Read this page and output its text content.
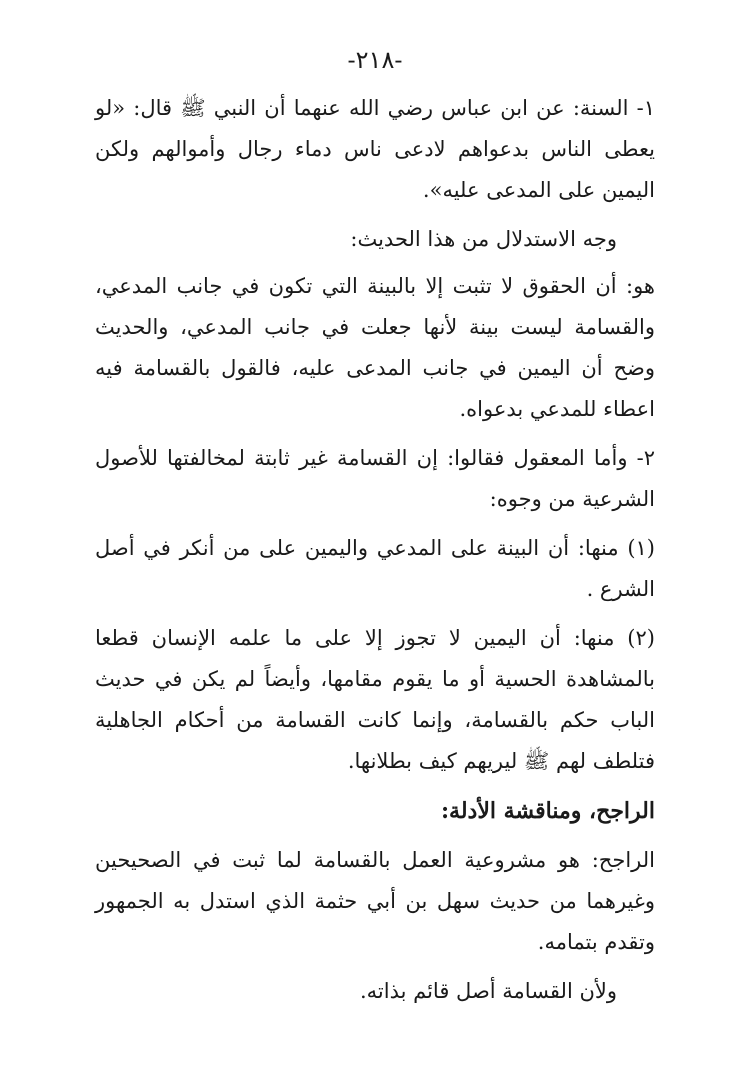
-٢١٨-

١- السنة: عن ابن عباس رضي الله عنهما أن النبي ﷺ قال: «لو يعطى الناس بدعواهم لادعى ناس دماء رجال وأموالهم ولكن اليمين على المدعى عليه».

وجه الاستدلال من هذا الحديث:

هو: أن الحقوق لا تثبت إلا بالبينة التي تكون في جانب المدعي، والقسامة ليست بينة لأنها جعلت في جانب المدعي، والحديث وضح أن اليمين في جانب المدعى عليه، فالقول بالقسامة فيه اعطاء للمدعي بدعواه.

٢- وأما المعقول فقالوا: إن القسامة غير ثابتة لمخالفتها للأصول الشرعية من وجوه:

(١) منها: أن البينة على المدعي واليمين على من أنكر في أصل الشرع .

(٢) منها: أن اليمين لا تجوز إلا على ما علمه الإنسان قطعا بالمشاهدة الحسية أو ما يقوم مقامها، وأيضاً لم يكن في حديث الباب حكم بالقسامة، وإنما كانت القسامة من أحكام الجاهلية فتلطف لهم ﷺ ليريهم كيف بطلانها.

الراجح، ومناقشة الأدلة:

الراجح: هو مشروعية العمل بالقسامة لما ثبت في الصحيحين وغيرهما من حديث سهل بن أبي حثمة الذي استدل به الجمهور وتقدم بتمامه.

ولأن القسامة أصل قائم بذاته.
